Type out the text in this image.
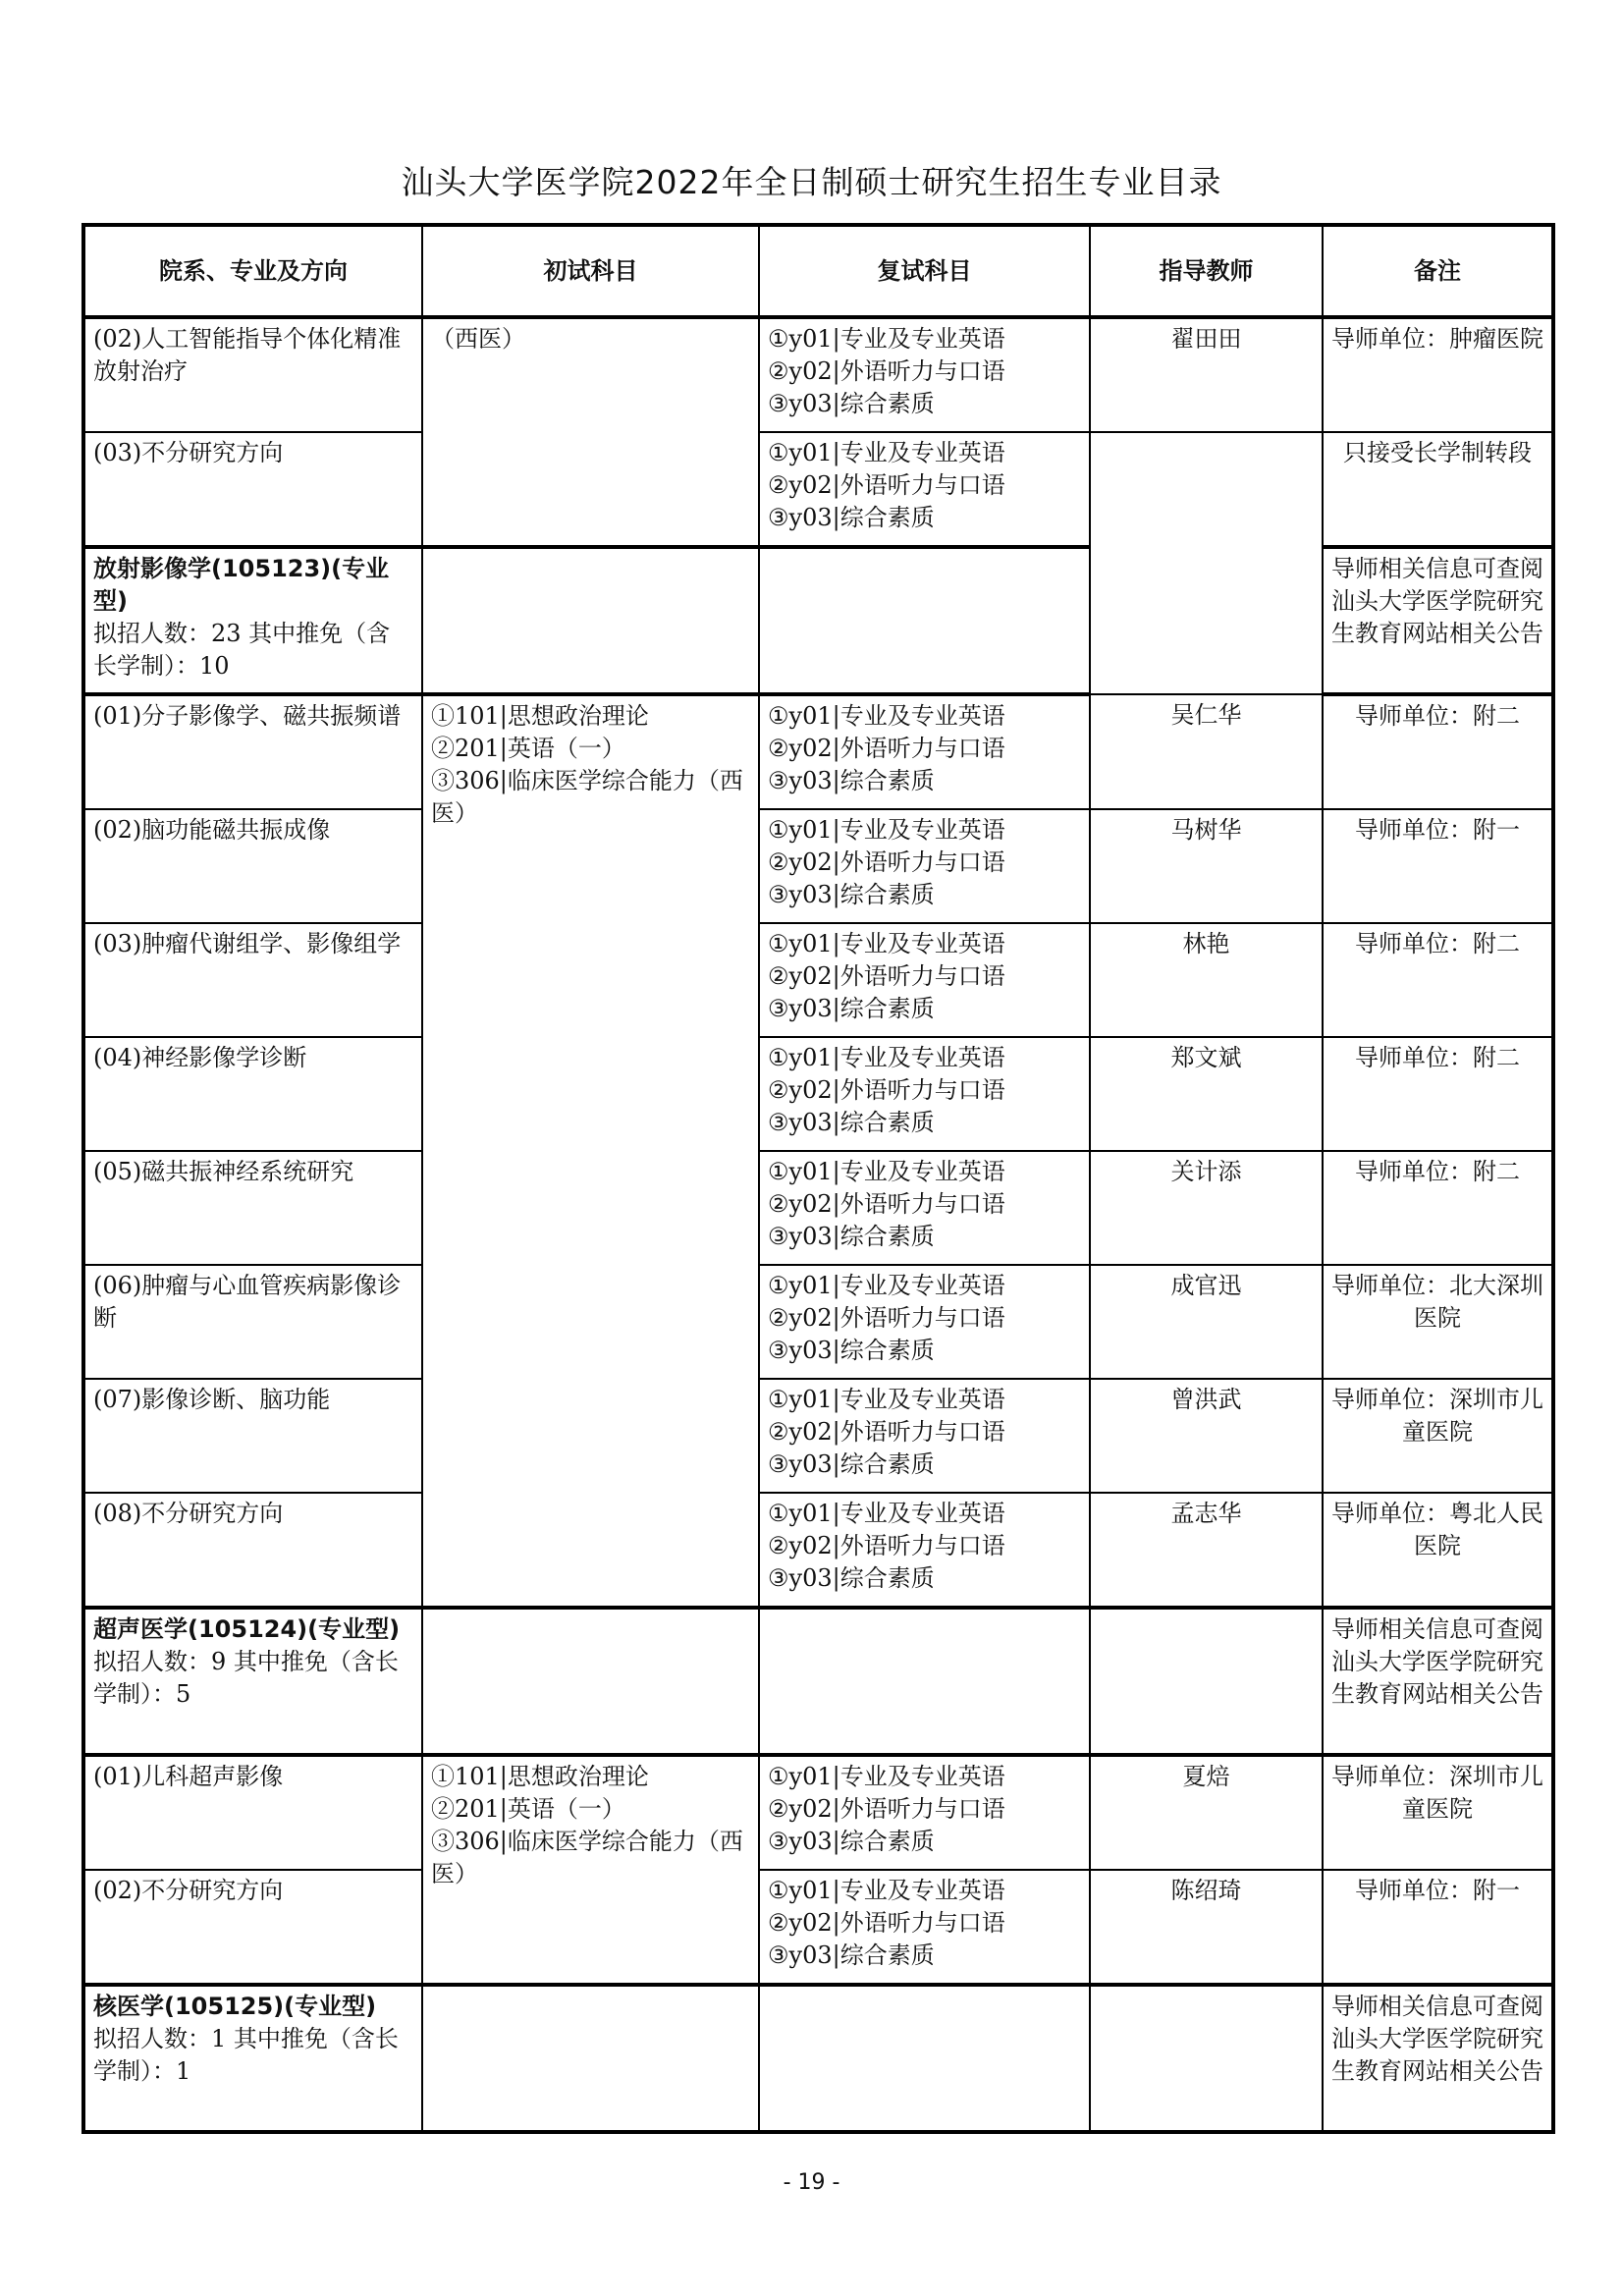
汕头大学医学院2022年全日制硕士研究生招生专业目录
院系、专业及方向	初试科目	复试科目	指导教师	备注
(02)人工智能指导个体化精准放射治疗	（西医）	①y01|专业及专业英语
②y02|外语听力与口语
③y03|综合素质	翟田田	导师单位：肿瘤医院
(03)不分研究方向		①y01|专业及专业英语
②y02|外语听力与口语
③y03|综合素质		只接受长学制转段

放射影像学(105123)(专业型)
拟招人数：23 其中推免（含长学制）：10				导师相关信息可查阅汕头大学医学院研究生教育网站相关公告
(01)分子影像学、磁共振频谱	①101|思想政治理论
②201|英语（一）
③306|临床医学综合能力（西医）	①y01|专业及专业英语
②y02|外语听力与口语
③y03|综合素质	吴仁华	导师单位：附二
(02)脑功能磁共振成像		①y01|专业及专业英语
②y02|外语听力与口语
③y03|综合素质	马树华	导师单位：附一
(03)肿瘤代谢组学、影像组学		①y01|专业及专业英语
②y02|外语听力与口语
③y03|综合素质	林艳	导师单位：附二
(04)神经影像学诊断		①y01|专业及专业英语
②y02|外语听力与口语
③y03|综合素质	郑文斌	导师单位：附二
(05)磁共振神经系统研究		①y01|专业及专业英语
②y02|外语听力与口语
③y03|综合素质	关计添	导师单位：附二
(06)肿瘤与心血管疾病影像诊断		①y01|专业及专业英语
②y02|外语听力与口语
③y03|综合素质	成官迅	导师单位：北大深圳医院
(07)影像诊断、脑功能		①y01|专业及专业英语
②y02|外语听力与口语
③y03|综合素质	曾洪武	导师单位：深圳市儿童医院
(08)不分研究方向		①y01|专业及专业英语
②y02|外语听力与口语
③y03|综合素质	孟志华	导师单位：粤北人民医院

超声医学(105124)(专业型)
拟招人数：9 其中推免（含长学制）：5				导师相关信息可查阅汕头大学医学院研究生教育网站相关公告
(01)儿科超声影像	①101|思想政治理论
②201|英语（一）
③306|临床医学综合能力（西医）	①y01|专业及专业英语
②y02|外语听力与口语
③y03|综合素质	夏焙	导师单位：深圳市儿童医院
(02)不分研究方向		①y01|专业及专业英语
②y02|外语听力与口语
③y03|综合素质	陈绍琦	导师单位：附一

核医学(105125)(专业型)
拟招人数：1 其中推免（含长学制）：1				导师相关信息可查阅汕头大学医学院研究生教育网站相关公告
- 19 -
